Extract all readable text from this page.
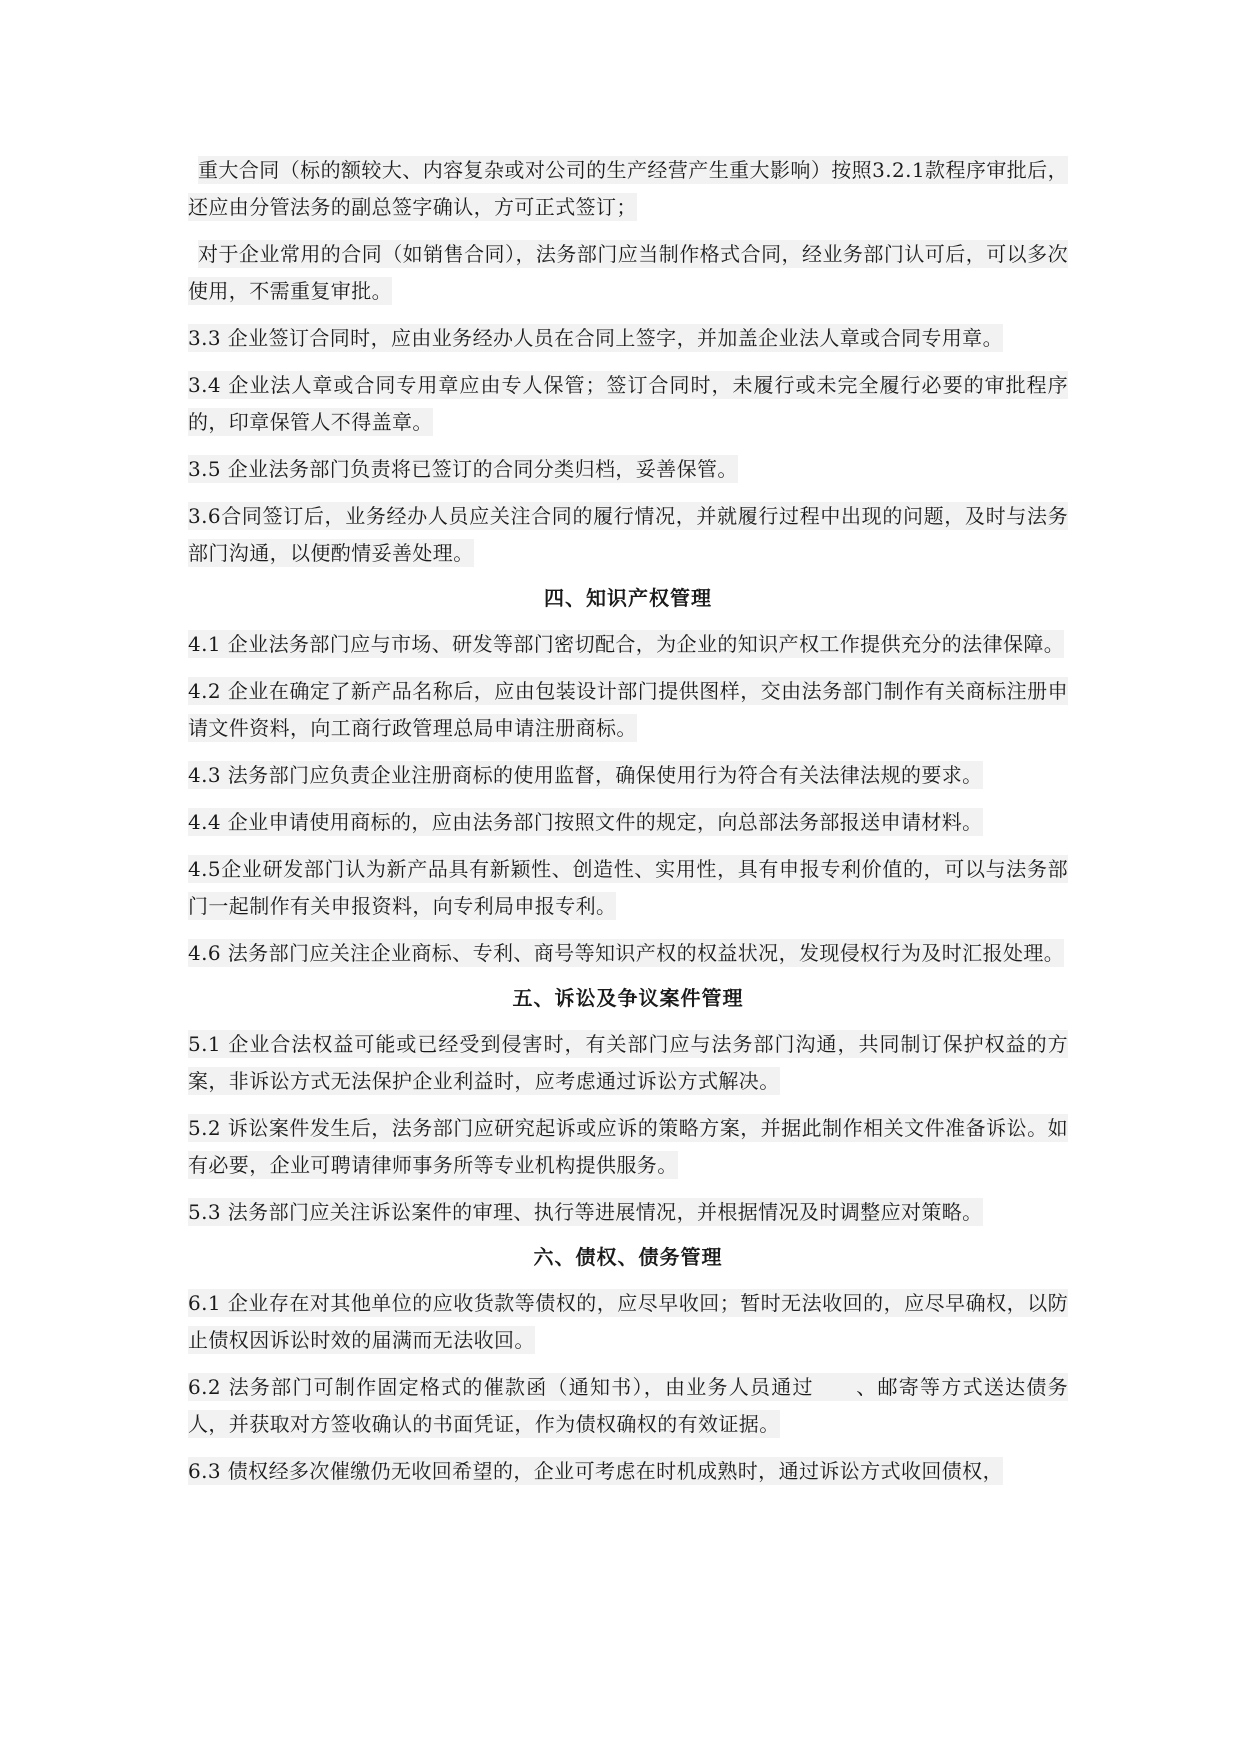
重大合同（标的额较大、内容复杂或对公司的生产经营产生重大影响）按照3.2.1款程序审批后，还应由分管法务的副总签字确认，方可正式签订；

对于企业常用的合同（如销售合同），法务部门应当制作格式合同，经业务部门认可后，可以多次使用，不需重复审批。

3.3 企业签订合同时，应由业务经办人员在合同上签字，并加盖企业法人章或合同专用章。

3.4 企业法人章或合同专用章应由专人保管；签订合同时，未履行或未完全履行必要的审批程序的，印章保管人不得盖章。

3.5 企业法务部门负责将已签订的合同分类归档，妥善保管。

3.6合同签订后，业务经办人员应关注合同的履行情况，并就履行过程中出现的问题，及时与法务部门沟通，以便酌情妥善处理。

四、知识产权管理

4.1 企业法务部门应与市场、研发等部门密切配合，为企业的知识产权工作提供充分的法律保障。

4.2 企业在确定了新产品名称后，应由包装设计部门提供图样，交由法务部门制作有关商标注册申请文件资料，向工商行政管理总局申请注册商标。

4.3 法务部门应负责企业注册商标的使用监督，确保使用行为符合有关法律法规的要求。

4.4 企业申请使用商标的，应由法务部门按照文件的规定，向总部法务部报送申请材料。

4.5企业研发部门认为新产品具有新颖性、创造性、实用性，具有申报专利价值的，可以与法务部门一起制作有关申报资料，向专利局申报专利。

4.6 法务部门应关注企业商标、专利、商号等知识产权的权益状况，发现侵权行为及时汇报处理。

五、诉讼及争议案件管理

5.1 企业合法权益可能或已经受到侵害时，有关部门应与法务部门沟通，共同制订保护权益的方案，非诉讼方式无法保护企业利益时，应考虑通过诉讼方式解决。

5.2 诉讼案件发生后，法务部门应研究起诉或应诉的策略方案，并据此制作相关文件准备诉讼。如有必要，企业可聘请律师事务所等专业机构提供服务。

5.3 法务部门应关注诉讼案件的审理、执行等进展情况，并根据情况及时调整应对策略。

六、债权、债务管理

6.1 企业存在对其他单位的应收货款等债权的，应尽早收回；暂时无法收回的，应尽早确权，以防止债权因诉讼时效的届满而无法收回。

6.2 法务部门可制作固定格式的催款函（通知书），由业务人员通过　　、邮寄等方式送达债务人，并获取对方签收确认的书面凭证，作为债权确权的有效证据。

6.3 债权经多次催缴仍无收回希望的，企业可考虑在时机成熟时，通过诉讼方式收回债权，
